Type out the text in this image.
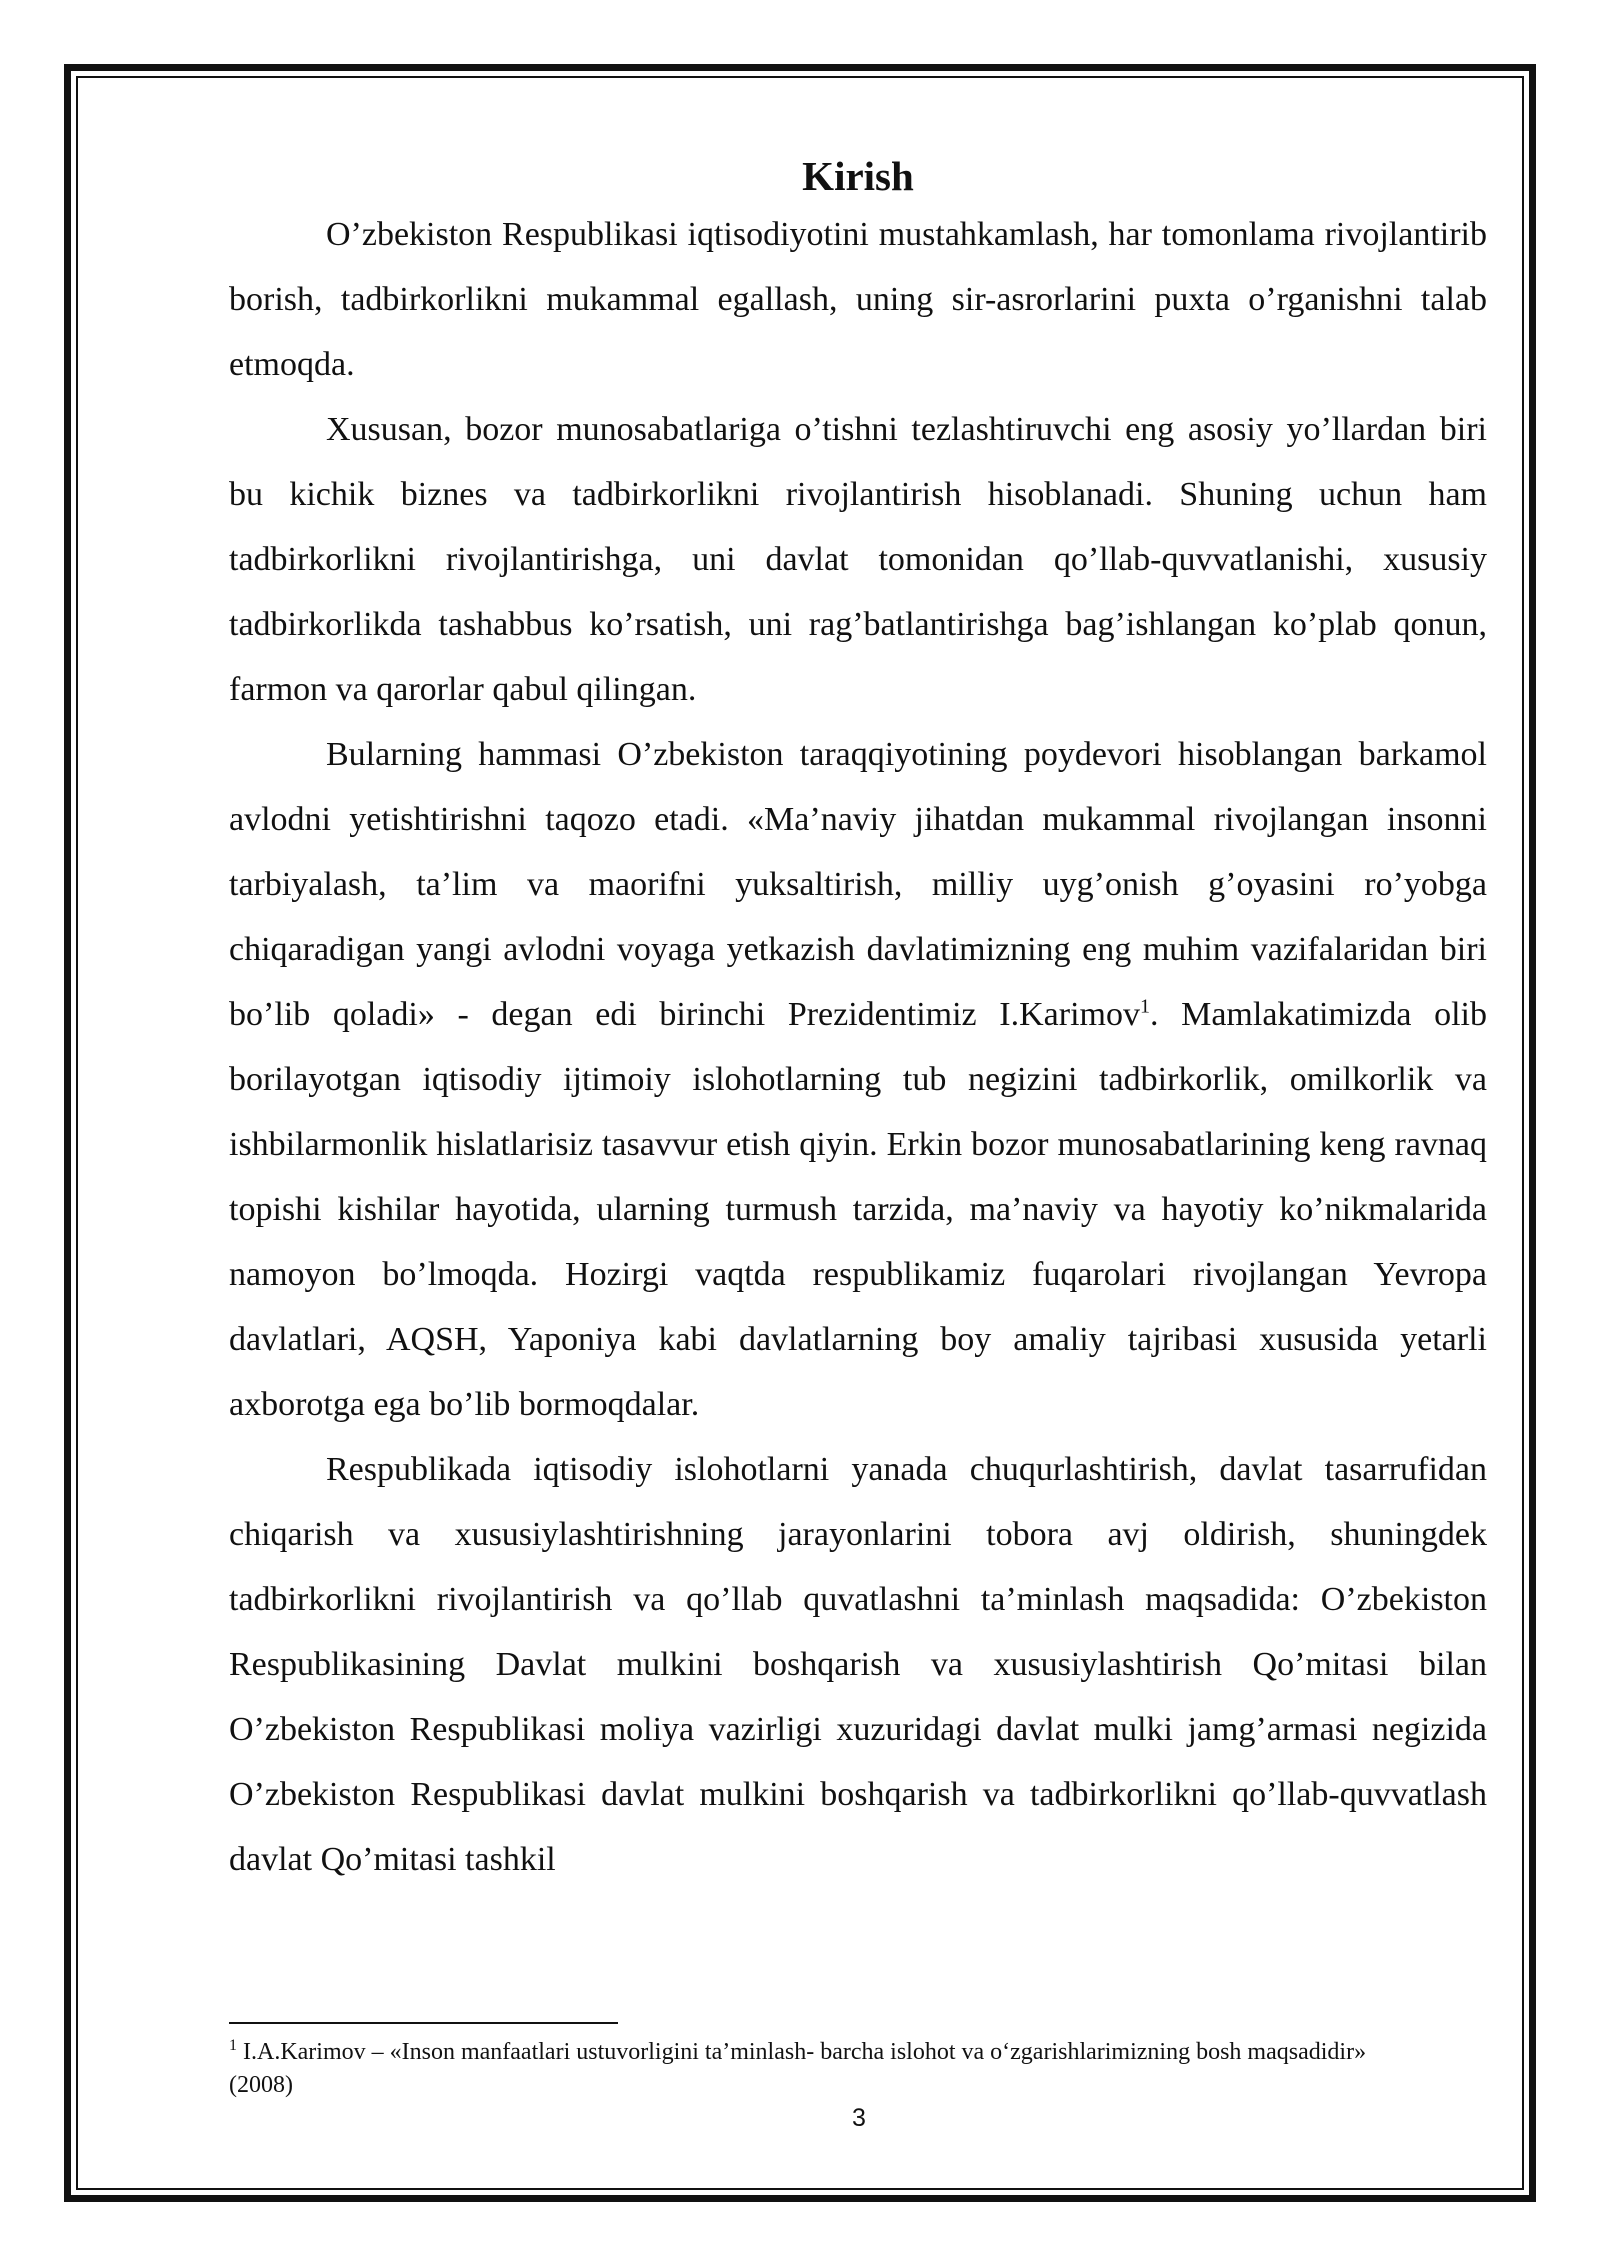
Kirish

O’zbekiston Respublikasi iqtisodiyotini mustahkamlash, har tomonlama rivojlantirib borish, tadbirkorlikni mukammal egallash, uning sir-asrorlarini puxta o’rganishni talab etmoqda.

Xususan, bozor munosabatlariga o’tishni tezlashtiruvchi eng asosiy yo’llardan biri bu kichik biznes va tadbirkorlikni rivojlantirish hisoblanadi. Shuning uchun ham tadbirkorlikni rivojlantirishga, uni davlat tomonidan qo’llab-quvvatlanishi, xususiy tadbirkorlikda tashabbus ko’rsatish, uni rag’batlantirishga bag’ishlangan ko’plab qonun, farmon va qarorlar qabul qilingan.

Bularning hammasi O’zbekiston taraqqiyotining poydevori hisoblangan barkamol avlodni yetishtirishni taqozo etadi. «Ma’naviy jihatdan mukammal rivojlangan insonni tarbiyalash, ta’lim va maorifni yuksaltirish, milliy uyg’onish g’oyasini ro’yobga chiqaradigan yangi avlodni voyaga yetkazish davlatimizning eng muhim vazifalaridan biri bo’lib qoladi» - degan edi birinchi Prezidentimiz I.Karimov$^1$. Mamlakatimizda olib borilayotgan iqtisodiy ijtimoiy islohotlarning tub negizini tadbirkorlik, omilkorlik va ishbilarmonlik hislatlarisiz tasavvur etish qiyin. Erkin bozor munosabatlarining keng ravnaq topishi kishilar hayotida, ularning turmush tarzida, ma’naviy va hayotiy ko’nikmalarida namoyon bo’lmoqda. Hozirgi vaqtda respublikamiz fuqarolari rivojlangan Yevropa davlatlari, AQSH, Yaponiya kabi davlatlarning boy amaliy tajribasi xususida yetarli axborotga ega bo’lib bormoqdalar.

Respublikada iqtisodiy islohotlarni yanada chuqurlashtirish, davlat tasarrufidan chiqarish va xususiylashtirishning jarayonlarini tobora avj oldirish, shuningdek tadbirkorlikni rivojlantirish va qo’llab quvatlashni ta’minlash maqsadida: O’zbekiston Respublikasining Davlat mulkini boshqarish va xususiylashtirish Qo’mitasi bilan O’zbekiston Respublikasi moliya vazirligi xuzuridagi davlat mulki jamg’armasi negizida O’zbekiston Respublikasi davlat mulkini boshqarish va tadbirkorlikni qo’llab-quvvatlash davlat Qo’mitasi tashkil

$^1$ I.A.Karimov – «Inson manfaatlari ustuvorligini ta’minlash- barcha islohot va o‘zgarishlarimizning bosh maqsadidir» (2008)

3
